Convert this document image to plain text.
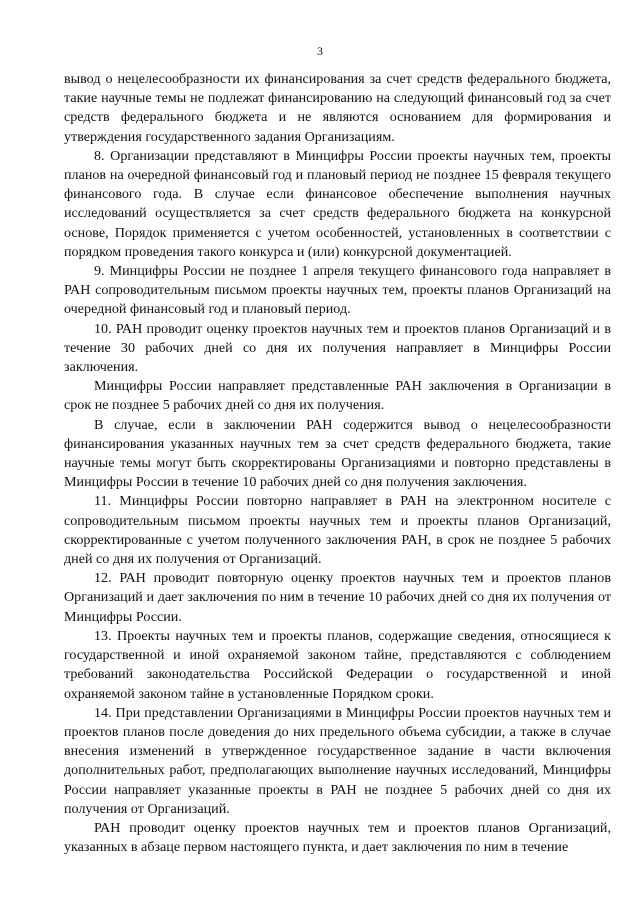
3

вывод о нецелесообразности их финансирования за счет средств федерального бюджета, такие научные темы не подлежат финансированию на следующий финансовый год за счет средств федерального бюджета и не являются основанием для формирования и утверждения государственного задания Организациям.

8. Организации представляют в Минцифры России проекты научных тем, проекты планов на очередной финансовый год и плановый период не позднее 15 февраля текущего финансового года. В случае если финансовое обеспечение выполнения научных исследований осуществляется за счет средств федерального бюджета на конкурсной основе, Порядок применяется с учетом особенностей, установленных в соответствии с порядком проведения такого конкурса и (или) конкурсной документацией.

9. Минцифры России не позднее 1 апреля текущего финансового года направляет в РАН сопроводительным письмом проекты научных тем, проекты планов Организаций на очередной финансовый год и плановый период.

10. РАН проводит оценку проектов научных тем и проектов планов Организаций и в течение 30 рабочих дней со дня их получения направляет в Минцифры России заключения.

Минцифры России направляет представленные РАН заключения в Организации в срок не позднее 5 рабочих дней со дня их получения.

В случае, если в заключении РАН содержится вывод о нецелесообразности финансирования указанных научных тем за счет средств федерального бюджета, такие научные темы могут быть скорректированы Организациями и повторно представлены в Минцифры России в течение 10 рабочих дней со дня получения заключения.

11. Минцифры России повторно направляет в РАН на электронном носителе с сопроводительным письмом проекты научных тем и проекты планов Организаций, скорректированные с учетом полученного заключения РАН, в срок не позднее 5 рабочих дней со дня их получения от Организаций.

12. РАН проводит повторную оценку проектов научных тем и проектов планов Организаций и дает заключения по ним в течение 10 рабочих дней со дня их получения от Минцифры России.

13. Проекты научных тем и проекты планов, содержащие сведения, относящиеся к государственной и иной охраняемой законом тайне, представляются с соблюдением требований законодательства Российской Федерации о государственной и иной охраняемой законом тайне в установленные Порядком сроки.

14. При представлении Организациями в Минцифры России проектов научных тем и проектов планов после доведения до них предельного объема субсидии, а также в случае внесения изменений в утвержденное государственное задание в части включения дополнительных работ, предполагающих выполнение научных исследований, Минцифры России направляет указанные проекты в РАН не позднее 5 рабочих дней со дня их получения от Организаций.

РАН проводит оценку проектов научных тем и проектов планов Организаций, указанных в абзаце первом настоящего пункта, и дает заключения по ним в течение
